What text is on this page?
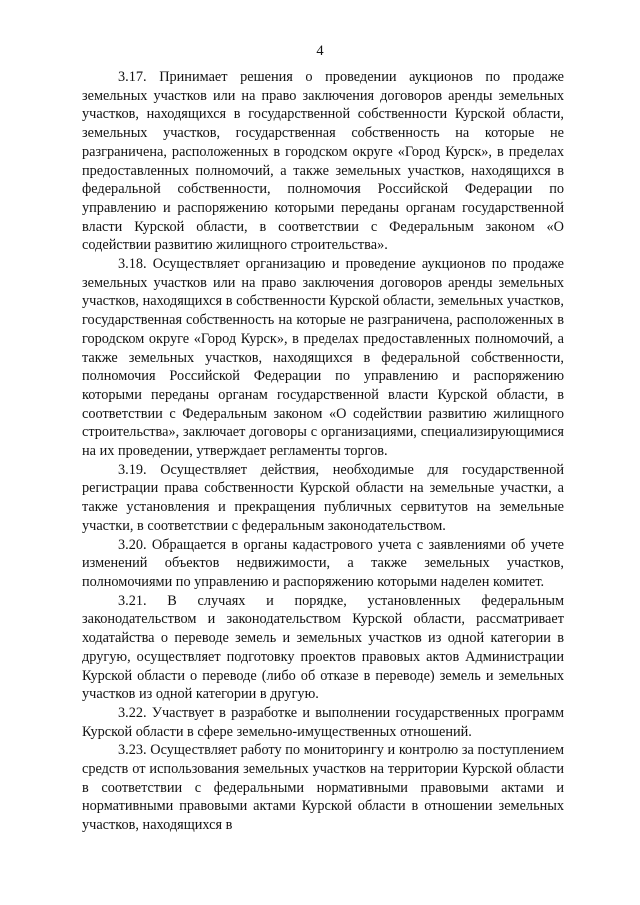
4

3.17. Принимает решения о проведении аукционов по продаже земельных участков или на право заключения договоров аренды земельных участков, находящихся в государственной собственности Курской области, земельных участков, государственная собственность на которые не разграничена, расположенных в городском округе «Город Курск», в пределах предоставленных полномочий, а также земельных участков, находящихся в федеральной собственности, полномочия Российской Федерации по управлению и распоряжению которыми переданы органам государственной власти Курской области, в соответствии с Федеральным законом «О содействии развитию жилищного строительства».

3.18. Осуществляет организацию и проведение аукционов по продаже земельных участков или на право заключения договоров аренды земельных участков, находящихся в собственности Курской области, земельных участков, государственная собственность на которые не разграничена, расположенных в городском округе «Город Курск», в пределах предоставленных полномочий, а также земельных участков, находящихся в федеральной собственности, полномочия Российской Федерации по управлению и распоряжению которыми переданы органам государственной власти Курской области, в соответствии с Федеральным законом «О содействии развитию жилищного строительства», заключает договоры с организациями, специализирующимися на их проведении, утверждает регламенты торгов.

3.19. Осуществляет действия, необходимые для государственной регистрации права собственности Курской области на земельные участки, а также установления и прекращения публичных сервитутов на земельные участки, в соответствии с федеральным законодательством.

3.20. Обращается в органы кадастрового учета с заявлениями об учете изменений объектов недвижимости, а также земельных участков, полномочиями по управлению и распоряжению которыми наделен комитет.

3.21. В случаях и порядке, установленных федеральным законодательством и законодательством Курской области, рассматривает ходатайства о переводе земель и земельных участков из одной категории в другую, осуществляет подготовку проектов правовых актов Администрации Курской области о переводе (либо об отказе в переводе) земель и земельных участков из одной категории в другую.

3.22. Участвует в разработке и выполнении государственных программ Курской области в сфере земельно-имущественных отношений.

3.23. Осуществляет работу по мониторингу и контролю за поступлением средств от использования земельных участков на территории Курской области в соответствии с федеральными нормативными правовыми актами и нормативными правовыми актами Курской области в отношении земельных участков, находящихся в
